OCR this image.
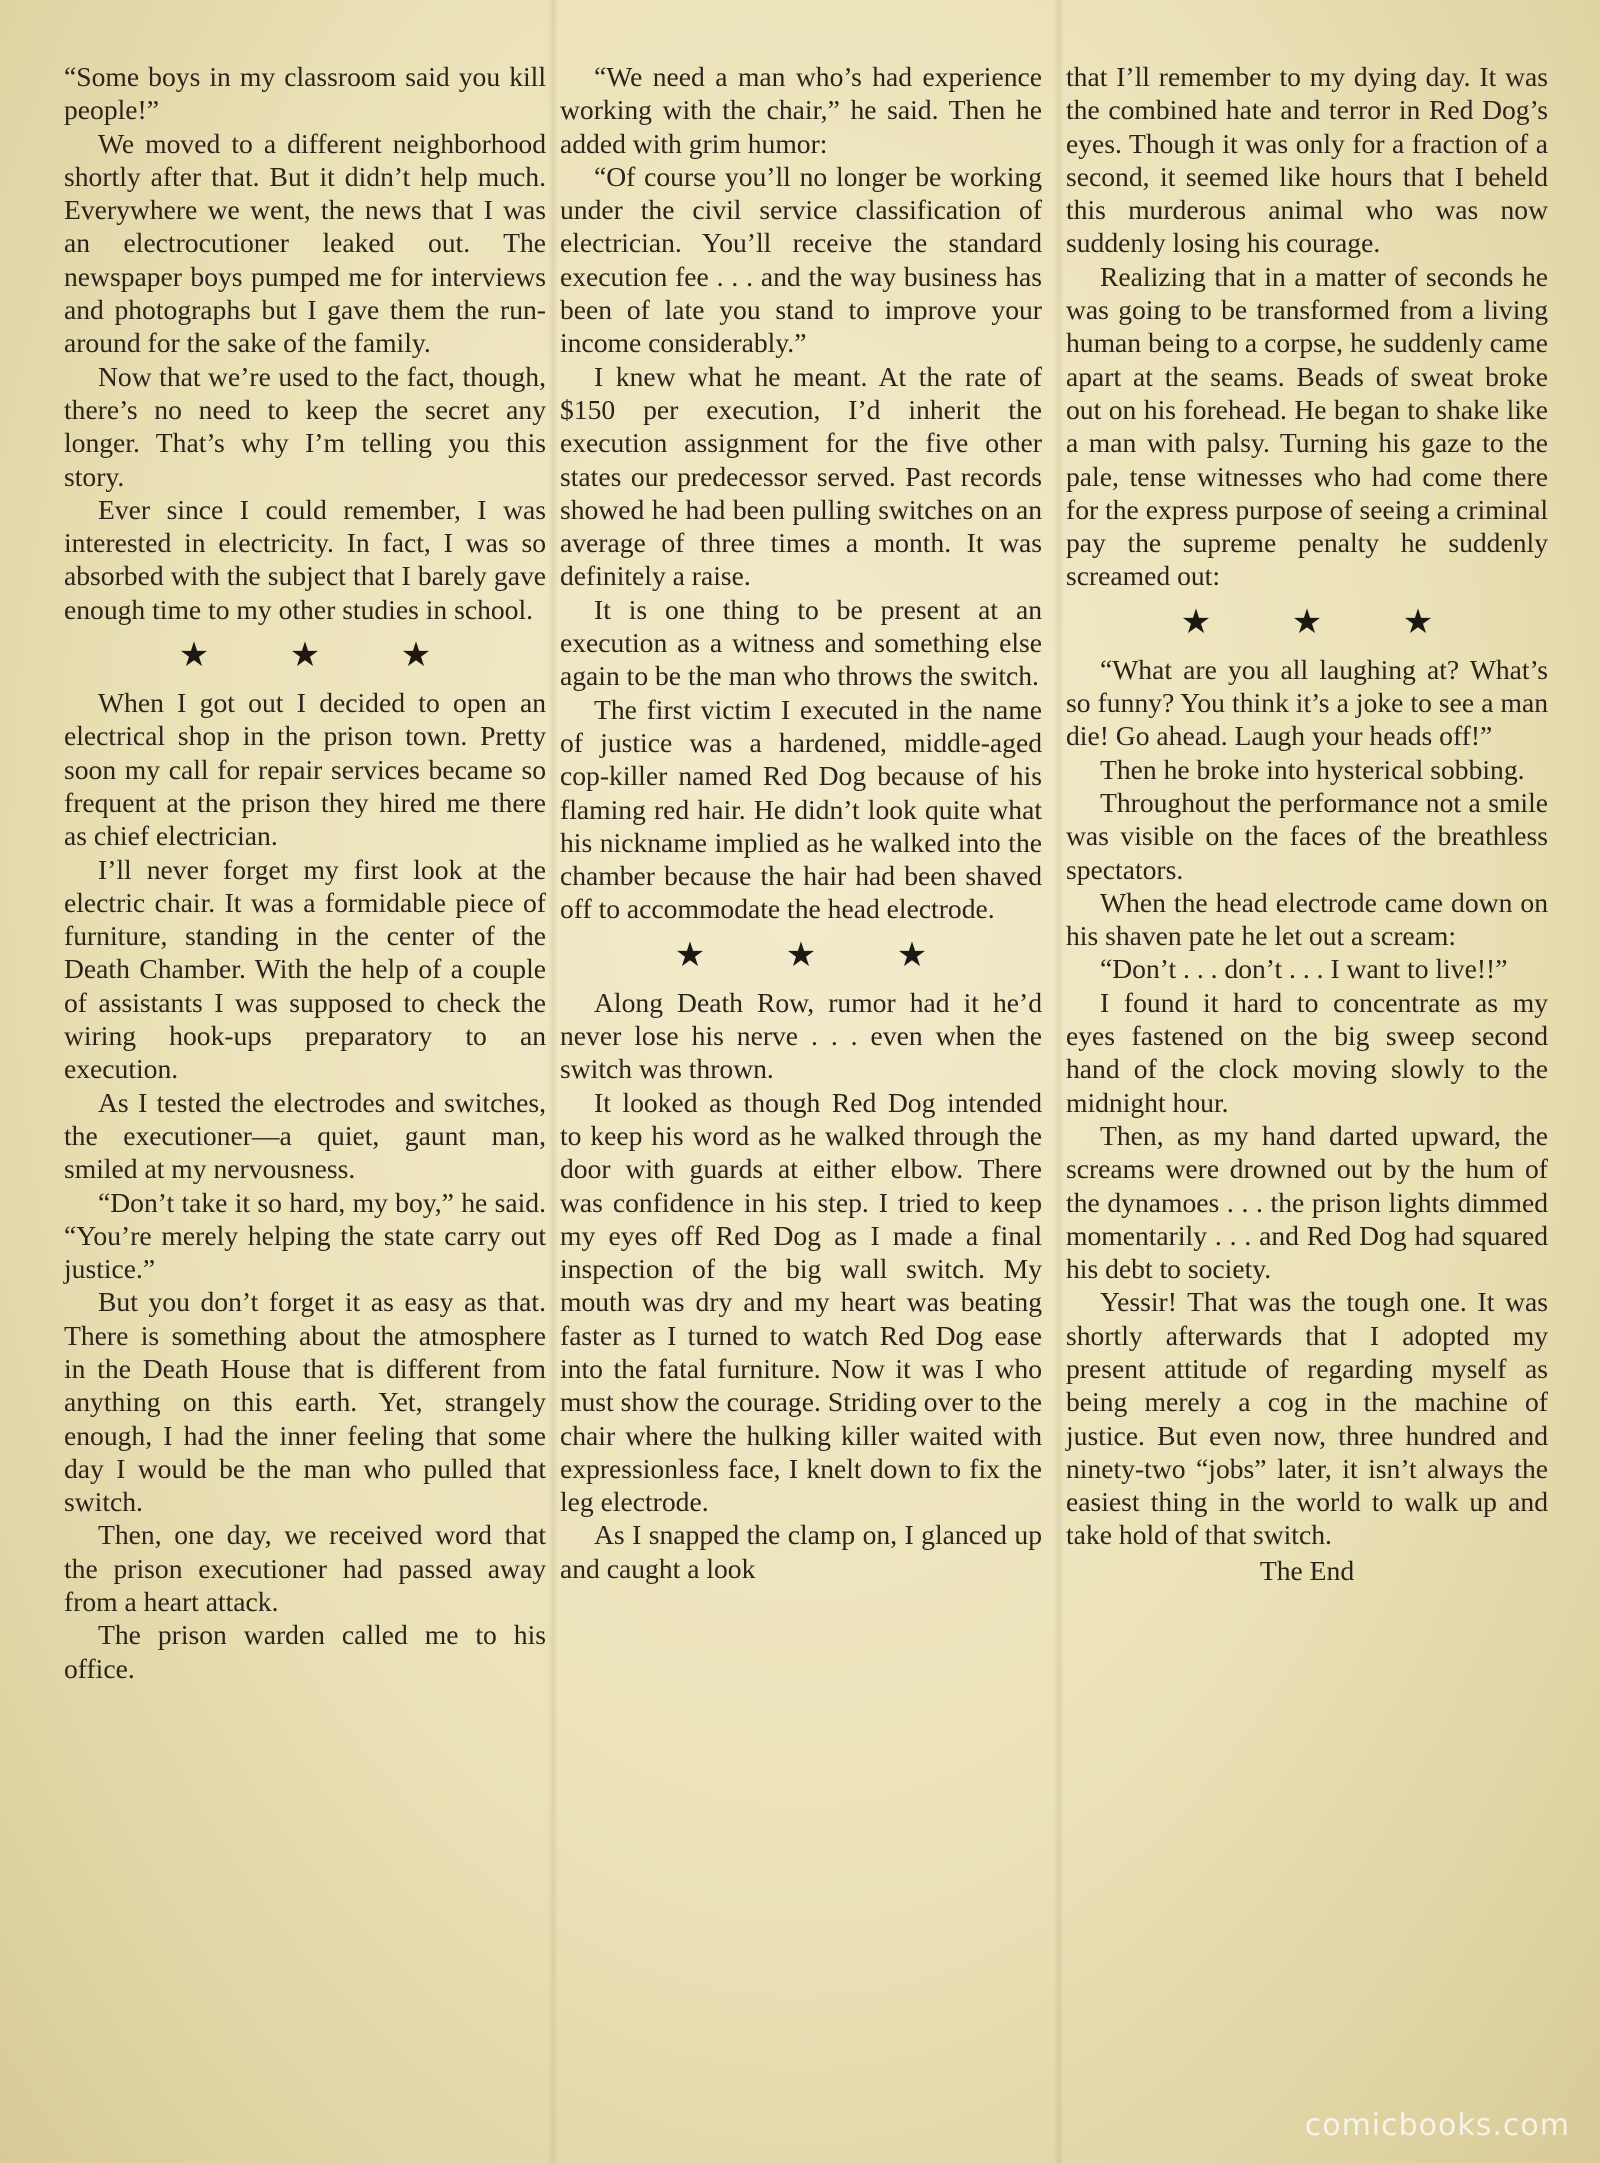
“Some boys in my classroom said you kill people!”

We moved to a different neighborhood shortly after that. But it didn’t help much. Everywhere we went, the news that I was an electrocutioner leaked out. The newspaper boys pumped me for interviews and photographs but I gave them the run-around for the sake of the family.

Now that we’re used to the fact, though, there’s no need to keep the secret any longer. That’s why I’m telling you this story.

Ever since I could remember, I was interested in electricity. In fact, I was so absorbed with the subject that I barely gave enough time to my other studies in school.

★ ★ ★

When I got out I decided to open an electrical shop in the prison town. Pretty soon my call for repair services became so frequent at the prison they hired me there as chief electrician.

I’ll never forget my first look at the electric chair. It was a formidable piece of furniture, standing in the center of the Death Chamber. With the help of a couple of assistants I was supposed to check the wiring hook-ups preparatory to an execution.

As I tested the electrodes and switches, the executioner—a quiet, gaunt man, smiled at my nervousness.

“Don’t take it so hard, my boy,” he said. “You’re merely helping the state carry out justice.”

But you don’t forget it as easy as that. There is something about the atmosphere in the Death House that is different from anything on this earth. Yet, strangely enough, I had the inner feeling that some day I would be the man who pulled that switch.

Then, one day, we received word that the prison executioner had passed away from a heart attack.

The prison warden called me to his office.

“We need a man who’s had experience working with the chair,” he said. Then he added with grim humor:

“Of course you’ll no longer be working under the civil service classification of electrician. You’ll receive the standard execution fee . . . and the way business has been of late you stand to improve your income considerably.”

I knew what he meant. At the rate of $150 per execution, I’d inherit the execution assignment for the five other states our predecessor served. Past records showed he had been pulling switches on an average of three times a month. It was definitely a raise.

It is one thing to be present at an execution as a witness and something else again to be the man who throws the switch.

The first victim I executed in the name of justice was a hardened, middle-aged cop-killer named Red Dog because of his flaming red hair. He didn’t look quite what his nickname implied as he walked into the chamber because the hair had been shaved off to accommodate the head electrode.

★ ★ ★

Along Death Row, rumor had it he’d never lose his nerve . . . even when the switch was thrown.

It looked as though Red Dog intended to keep his word as he walked through the door with guards at either elbow. There was confidence in his step. I tried to keep my eyes off Red Dog as I made a final inspection of the big wall switch. My mouth was dry and my heart was beating faster as I turned to watch Red Dog ease into the fatal furniture. Now it was I who must show the courage. Striding over to the chair where the hulking killer waited with expressionless face, I knelt down to fix the leg electrode.

As I snapped the clamp on, I glanced up and caught a look

that I’ll remember to my dying day. It was the combined hate and terror in Red Dog’s eyes. Though it was only for a fraction of a second, it seemed like hours that I beheld this murderous animal who was now suddenly losing his courage.

Realizing that in a matter of seconds he was going to be transformed from a living human being to a corpse, he suddenly came apart at the seams. Beads of sweat broke out on his forehead. He began to shake like a man with palsy. Turning his gaze to the pale, tense witnesses who had come there for the express purpose of seeing a criminal pay the supreme penalty he suddenly screamed out:

★ ★ ★

“What are you all laughing at? What’s so funny? You think it’s a joke to see a man die! Go ahead. Laugh your heads off!”

Then he broke into hysterical sobbing.

Throughout the performance not a smile was visible on the faces of the breathless spectators.

When the head electrode came down on his shaven pate he let out a scream:

“Don’t . . . don’t . . . I want to live!!”

I found it hard to concentrate as my eyes fastened on the big sweep second hand of the clock moving slowly to the midnight hour.

Then, as my hand darted upward, the screams were drowned out by the hum of the dynamoes . . . the prison lights dimmed momentarily . . . and Red Dog had squared his debt to society.

Yessir! That was the tough one. It was shortly afterwards that I adopted my present attitude of regarding myself as being merely a cog in the machine of justice. But even now, three hundred and ninety-two “jobs” later, it isn’t always the easiest thing in the world to walk up and take hold of that switch.

The End
comicbooks.com
